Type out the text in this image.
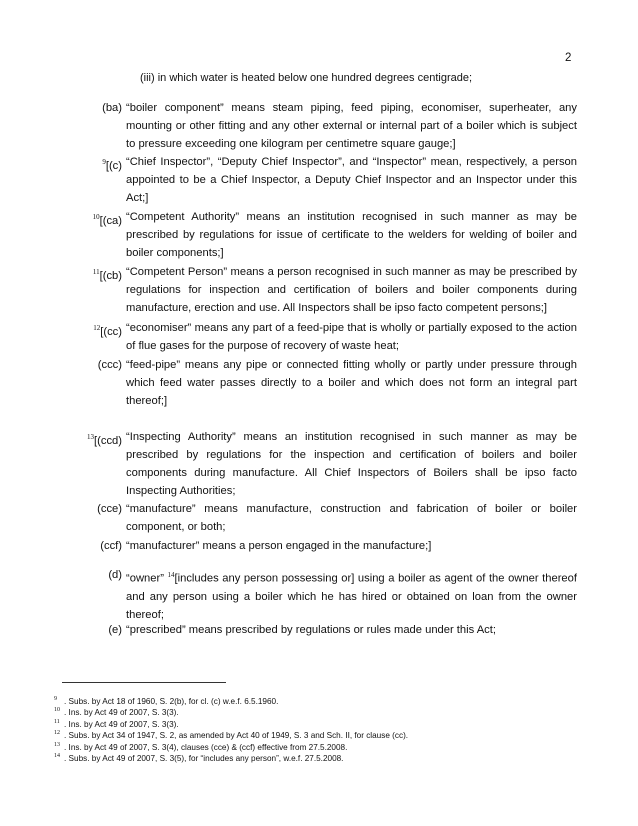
2
(iii) in which water is heated below one hundred degrees centigrade;
(ba) “boiler component” means steam piping, feed piping, economiser, superheater, any mounting or other fitting and any other external or internal part of a boiler which is subject to pressure exceeding one kilogram per centimetre square gauge;]
$^9$[(c) “Chief Inspector”, “Deputy Chief Inspector”, and “Inspector” mean, respectively, a person appointed to be a Chief Inspector, a Deputy Chief Inspector and an Inspector under this Act;]
$^{10}$[(ca) “Competent Authority” means an institution recognised in such manner as may be prescribed by regulations for issue of certificate to the welders for welding of boiler and boiler components;]
$^{11}$[(cb) “Competent Person” means a person recognised in such manner as may be prescribed by regulations for inspection and certification of boilers and boiler components during manufacture, erection and use. All Inspectors shall be ipso facto competent persons;]
$^{12}$[(cc) “economiser” means any part of a feed-pipe that is wholly or partially exposed to the action of flue gases for the purpose of recovery of waste heat;
(ccc) “feed-pipe” means any pipe or connected fitting wholly or partly under pressure through which feed water passes directly to a boiler and which does not form an integral part thereof;]
$^{13}$[(ccd) “Inspecting Authority” means an institution recognised in such manner as may be prescribed by regulations for the inspection and certification of boilers and boiler components during manufacture. All Chief Inspectors of Boilers shall be ipso facto Inspecting Authorities;
(cce) “manufacture” means manufacture, construction and fabrication of boiler or boiler component, or both;
(ccf) “manufacturer” means a person engaged in the manufacture;]
(d) “owner” $^{14}$[includes any person possessing or] using a boiler as agent of the owner thereof and any person using a boiler which he has hired or obtained on loan from the owner thereof;
(e) “prescribed” means prescribed by regulations or rules made under this Act;
9 . Subs. by Act 18 of 1960, S. 2(b), for cl. (c) w.e.f. 6.5.1960.
10 . Ins. by Act 49 of 2007, S. 3(3).
11 . Ins. by Act 49 of 2007, S. 3(3).
12 . Subs. by Act 34 of 1947, S. 2, as amended by Act 40 of 1949, S. 3 and Sch. II, for clause (cc).
13 . Ins. by Act 49 of 2007, S. 3(4), clauses (cce) & (ccf) effective from 27.5.2008.
14 . Subs. by Act 49 of 2007, S. 3(5), for “includes any person”, w.e.f. 27.5.2008.
